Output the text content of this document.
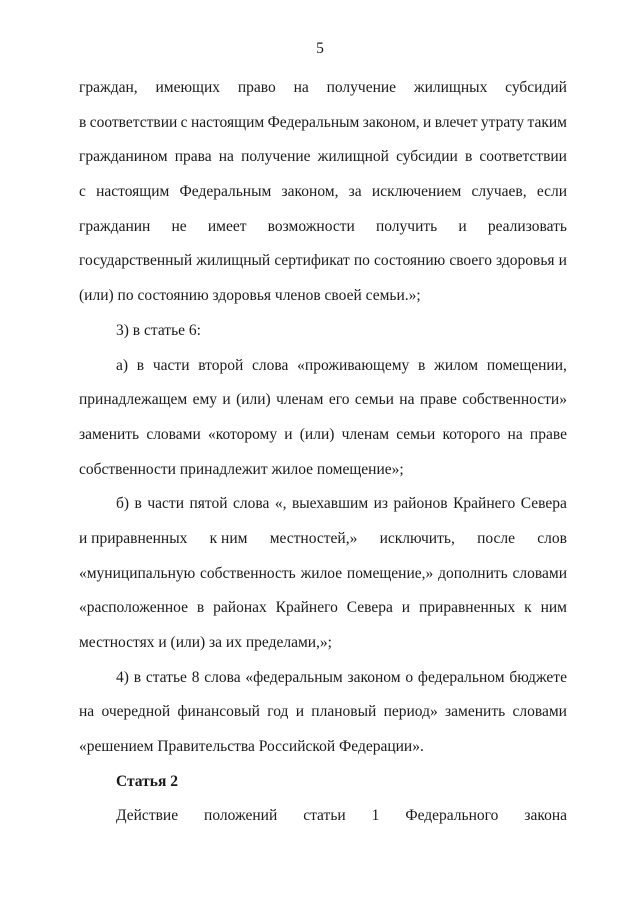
5
граждан, имеющих право на получение жилищных субсидий
в соответствии с настоящим Федеральным законом, и влечет утрату таким
гражданином права на получение жилищной субсидии в соответствии
с настоящим Федеральным законом, за исключением случаев, если
гражданин не имеет возможности получить и реализовать
государственный жилищный сертификат по состоянию своего здоровья и
(или) по состоянию здоровья членов своей семьи.»;
3) в статье 6:
а) в части второй слова «проживающему в жилом помещении,
принадлежащем ему и (или) членам его семьи на праве собственности»
заменить словами «которому и (или) членам семьи которого на праве
собственности принадлежит жилое помещение»;
б) в части пятой слова «, выехавшим из районов Крайнего Севера
и приравненных к ним местностей,» исключить, после слов
«муниципальную собственность жилое помещение,» дополнить словами
«расположенное в районах Крайнего Севера и приравненных к ним
местностях и (или) за их пределами,»;
4) в статье 8 слова «федеральным законом о федеральном бюджете
на очередной финансовый год и плановый период» заменить словами
«решением Правительства Российской Федерации».
Статья 2
Действие положений статьи 1 Федерального закона
